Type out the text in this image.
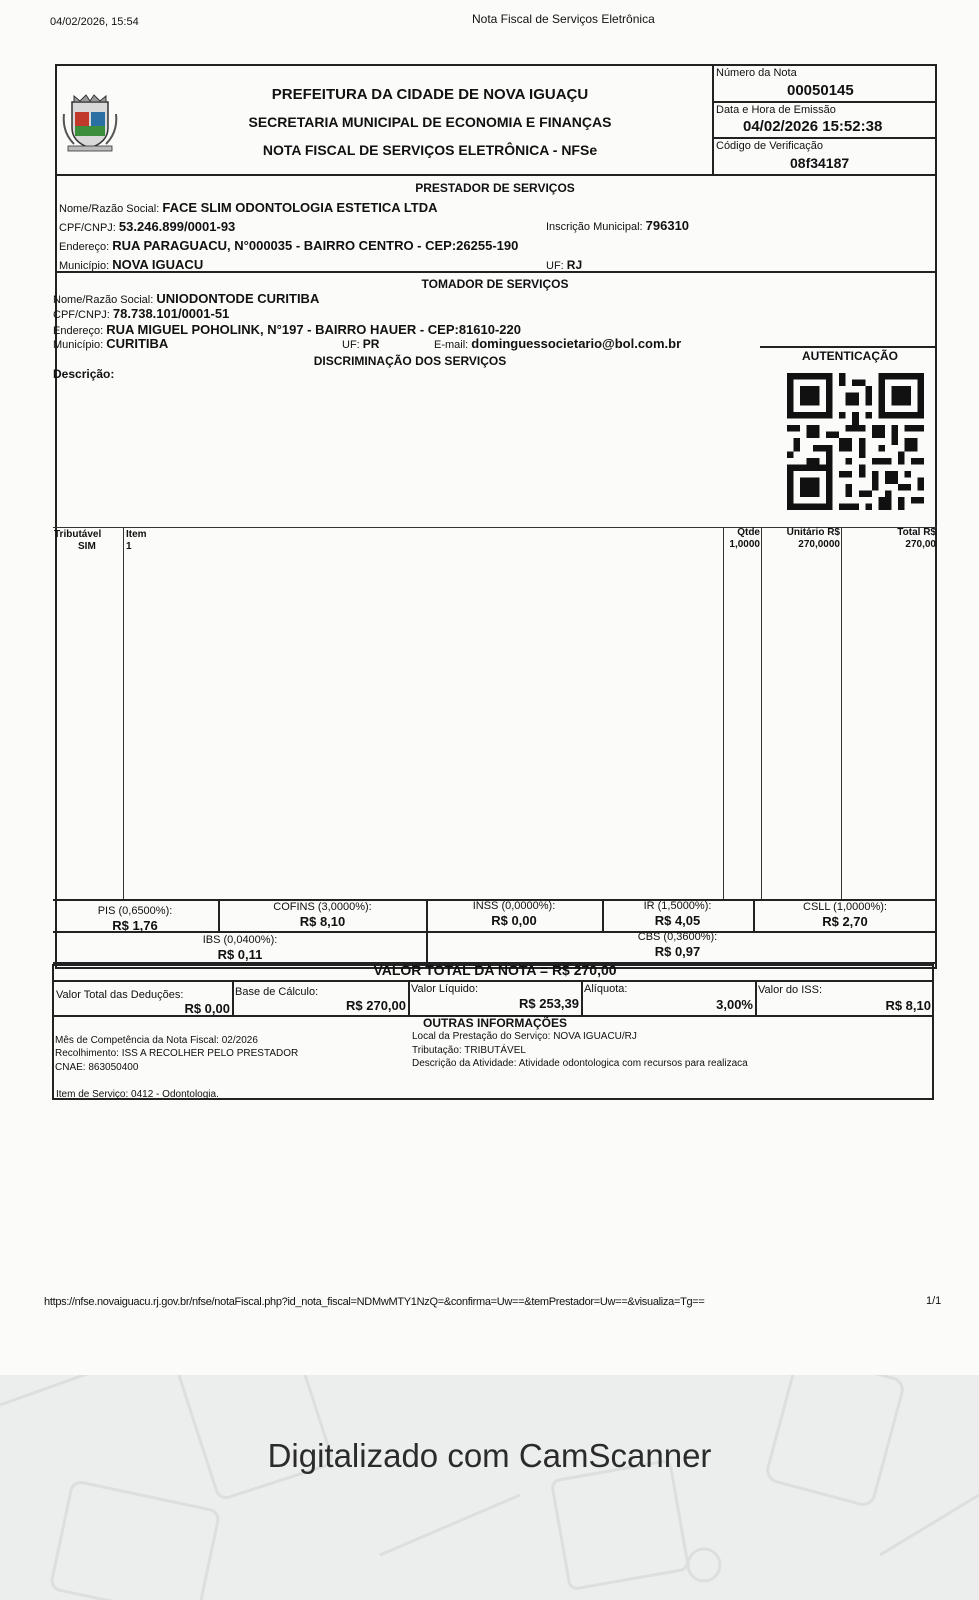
04/02/2026, 15:54	Nota Fiscal de Serviços Eletrônica
PREFEITURA DA CIDADE DE NOVA IGUAÇU
SECRETARIA MUNICIPAL DE ECONOMIA E FINANÇAS
NOTA FISCAL DE SERVIÇOS ELETRÔNICA - NFSe
Número da Nota
00050145
Data e Hora de Emissão
04/02/2026 15:52:38
Código de Verificação
08f34187
PRESTADOR DE SERVIÇOS
Nome/Razão Social: FACE SLIM ODONTOLOGIA ESTETICA LTDA
CPF/CNPJ: 53.246.899/0001-93	Inscrição Municipal: 796310
Endereço: RUA PARAGUACU, N°000035 - BAIRRO CENTRO - CEP:26255-190
Município: NOVA IGUACU	UF: RJ
TOMADOR DE SERVIÇOS
Nome/Razão Social: UNIODONTODE CURITIBA
CPF/CNPJ: 78.738.101/0001-51
Endereço: RUA MIGUEL POHOLINK, N°197 - BAIRRO HAUER - CEP:81610-220
Município: CURITIBA	UF: PR	E-mail: dominguessocietario@bol.com.br
DISCRIMINAÇÃO DOS SERVIÇOS
Descrição:
AUTENTICAÇÃO
Tributável Item	Qtde	Unitário R$	Total R$
SIM	1	1,0000	270,0000	270,00
PIS (0,6500%):
R$ 1,76
COFINS (3,0000%):
R$ 8,10
INSS (0,0000%):
R$ 0,00
IR (1,5000%):
R$ 4,05
CSLL (1,0000%):
R$ 2,70
IBS (0,0400%):
R$ 0,11
CBS (0,3600%):
R$ 0,97
VALOR TOTAL DA NOTA = R$ 270,00
Valor Total das Deduções:
R$ 0,00
Base de Cálculo:
R$ 270,00
Valor Líquido:
R$ 253,39
Alíquota:
3,00%
Valor do ISS:
R$ 8,10
OUTRAS INFORMAÇÕES
Mês de Competência da Nota Fiscal: 02/2026
Recolhimento: ISS A RECOLHER PELO PRESTADOR
CNAE: 863050400
Local da Prestação do Serviço: NOVA IGUACU/RJ
Tributação: TRIBUTÁVEL
Descrição da Atividade: Atividade odontologica com recursos para realizaca
Item de Serviço: 0412 - Odontologia.
https://nfse.novaiguacu.rj.gov.br/nfse/notaFiscal.php?id_nota_fiscal=NDMwMTY1NzQ=&confirma=Uw==&temPrestador=Uw==&visualiza=Tg==	1/1
Digitalizado com CamScanner
